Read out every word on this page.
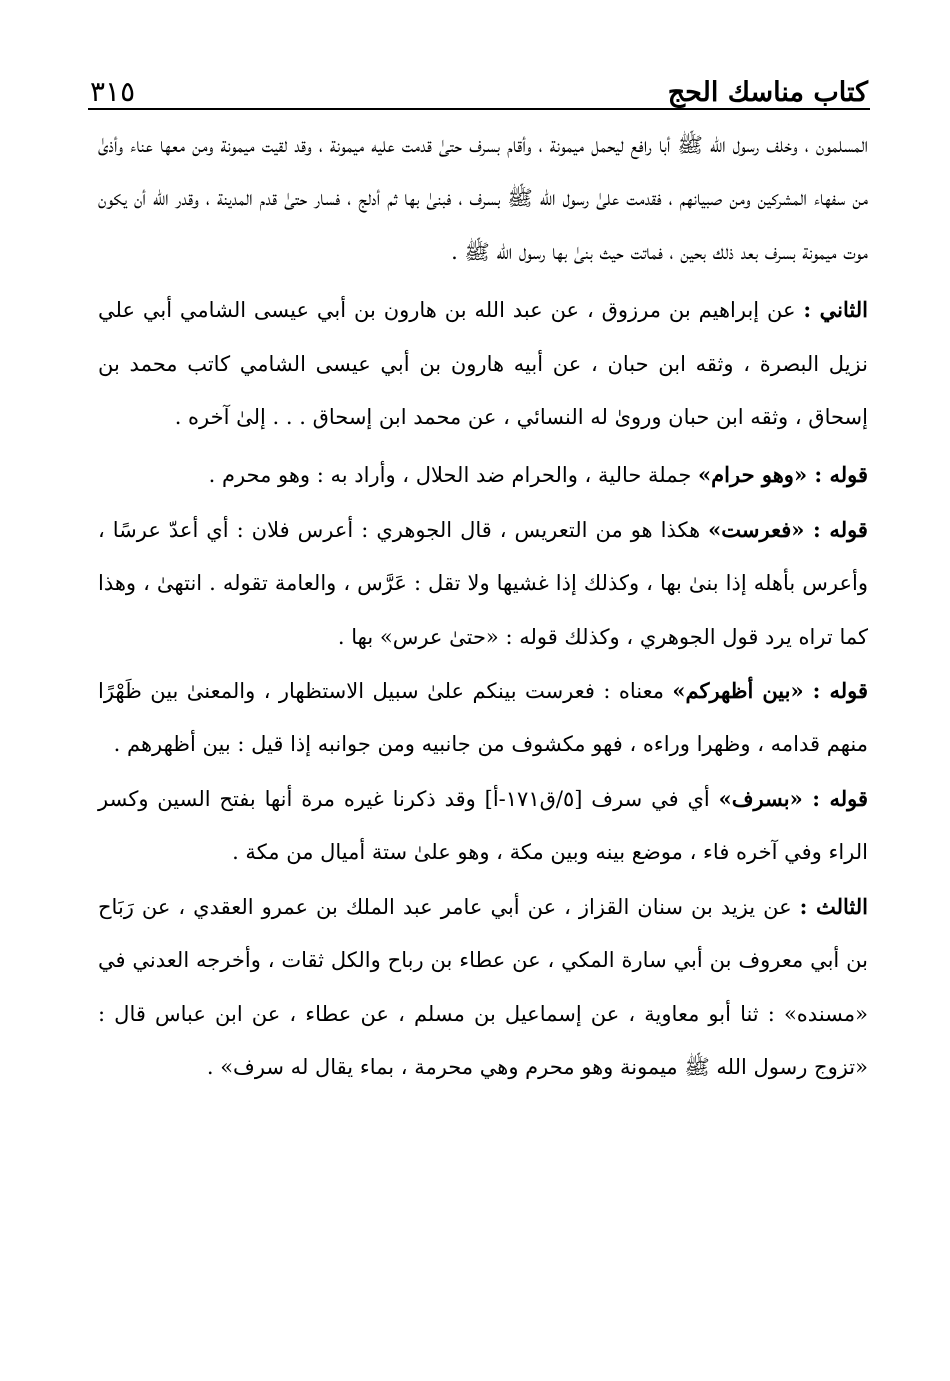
٣١٥	كتاب مناسك الحج

المسلمون ، وخلف رسول الله ﷺ أبا رافع ليحمل ميمونة ، وأقام بسرف حتىٰ قدمت عليه ميمونة ، وقد لقيت ميمونة ومن معها عناء وأذىٰ من سفهاء المشركين ومن صبيانهم ، فقدمت علىٰ رسول الله ﷺ بسرف ، فبنىٰ بها ثم أدلج ، فسار حتىٰ قدم المدينة ، وقدر الله أن يكون موت ميمونة بسرف بعد ذلك بحين ، فماتت حيث بنىٰ بها رسول الله ﷺ .

الثاني : عن إبراهيم بن مرزوق ، عن عبد الله بن هارون بن أبي عيسى الشامي أبي علي نزيل البصرة ، وثقه ابن حبان ، عن أبيه هارون بن أبي عيسى الشامي كاتب محمد بن إسحاق ، وثقه ابن حبان وروىٰ له النسائي ، عن محمد ابن إسحاق . . . إلىٰ آخره .

قوله : «وهو حرام» جملة حالية ، والحرام ضد الحلال ، وأراد به : وهو محرم .

قوله : «فعرست» هكذا هو من التعريس ، قال الجوهري : أعرس فلان : أي أعدّ عرسًا ، وأعرس بأهله إذا بنىٰ بها ، وكذلك إذا غشيها ولا تقل : عَرَّس ، والعامة تقوله . انتهىٰ ، وهذا كما تراه يرد قول الجوهري ، وكذلك قوله : «حتىٰ عرس» بها .

قوله : «بين أظهركم» معناه : فعرست بينكم علىٰ سبيل الاستظهار ، والمعنىٰ بين ظَهْرًا منهم قدامه ، وظهرا وراءه ، فهو مكشوف من جانبيه ومن جوانبه إذا قيل : بين أظهرهم .

قوله : «بسرف» أي في سرف [٥/ق١٧١-أ] وقد ذكرنا غيره مرة أنها بفتح السين وكسر الراء وفي آخره فاء ، موضع بينه وبين مكة ، وهو علىٰ ستة أميال من مكة .

الثالث : عن يزيد بن سنان القزاز ، عن أبي عامر عبد الملك بن عمرو العقدي ، عن رَبَاح بن أبي معروف بن أبي سارة المكي ، عن عطاء بن رباح والكل ثقات ، وأخرجه العدني في «مسنده» : ثنا أبو معاوية ، عن إسماعيل بن مسلم ، عن عطاء ، عن ابن عباس قال : «تزوج رسول الله ﷺ ميمونة وهو محرم وهي محرمة ، بماء يقال له سرف» .
